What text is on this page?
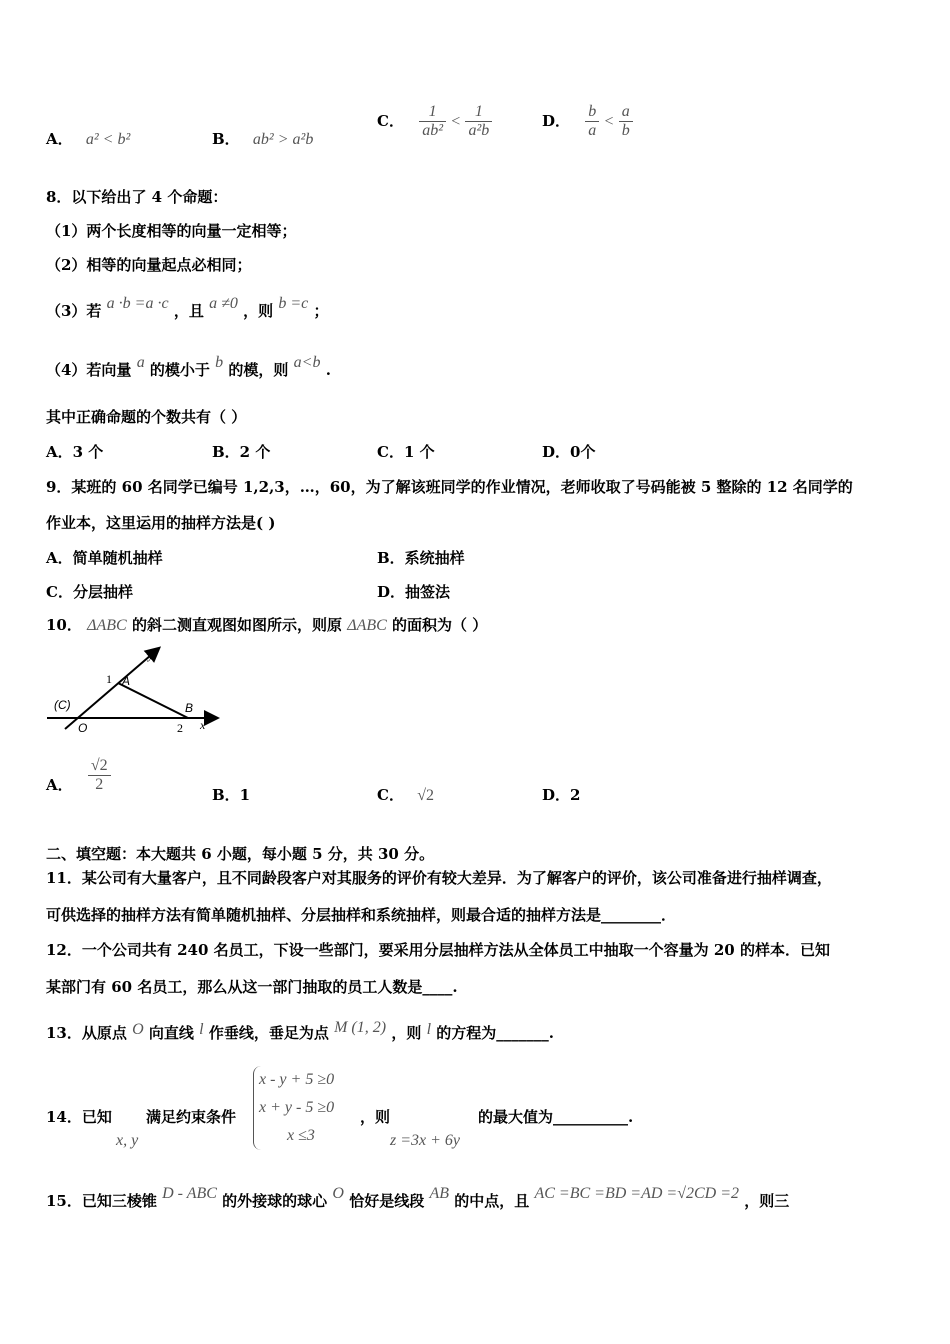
A． a² < b²	B． ab² > a²b
C． $\frac{1}{\text{ab²}} < \frac{1}{\text{a²b}}$	D． $\frac{b}{a} < \frac{a}{b}$
8．以下给出了 4 个命题：
（1）两个长度相等的向量一定相等；
（2）相等的向量起点必相同；
（3）若 a ·b =a ·c ，且 a ≠0 ，则 b =c ；
（4）若向量 a 的模小于 b 的模，则 a<b .
其中正确命题的个数共有（ ）
A．3 个	B．2 个	C．1 个	D．0个
9．某班的 60 名同学已编号 1,2,3，…，60，为了解该班同学的作业情况，老师收取了号码能被 5 整除的 12 名同学的
作业本，这里运用的抽样方法是( )
A．简单随机抽样	B．系统抽样
C．分层抽样	D．抽签法
10． ΔABC 的斜二测直观图如图所示，则原 ΔABC 的面积为（ ）
y
x
1 A
(C)
O
B
2
A． $\frac{√2}{2}$
B．1	C． √2	D．2
二、填空题：本大题共 6 小题，每小题 5 分，共 30 分。
11．某公司有大量客户，且不同龄段客户对其服务的评价有较大差异．为了解客户的评价，该公司准备进行抽样调查，
可供选择的抽样方法有简单随机抽样、分层抽样和系统抽样，则最合适的抽样方法是________．
12．一个公司共有 240 名员工，下设一些部门，要采用分层抽样方法从全体员工中抽取一个容量为 20 的样本．已知
某部门有 60 名员工，那么从这一部门抽取的员工人数是____.
13．从原点 O 向直线 l 作垂线，垂足为点 M (1, 2) ，则 l 的方程为_______.
14．已知
x, y
满足约束条件
x - y + 5 ≥0
x + y - 5 ≥0
x ≤3
，则
z =3x + 6y
的最大值为__________.
15．已知三棱锥 D - ABC 的外接球的球心 O 恰好是线段 AB 的中点，且 AC =BC =BD =AD =√2CD =2 ，则三
